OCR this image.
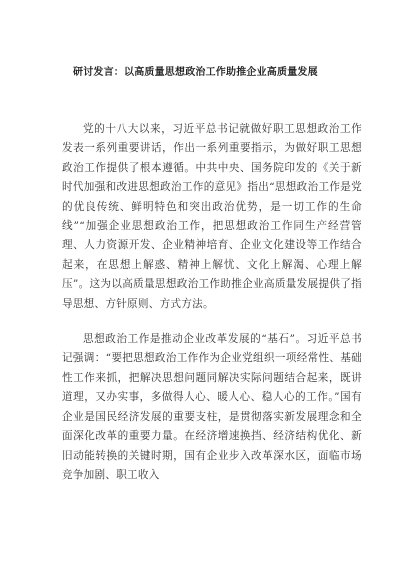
研讨发言：以高质量思想政治工作助推企业高质量发展

党的十八大以来，习近平总书记就做好职工思想政治工作发表一系列重要讲话，作出一系列重要指示，为做好职工思想政治工作提供了根本遵循。中共中央、国务院印发的《关于新时代加强和改进思想政治工作的意见》指出“思想政治工作是党的优良传统、鲜明特色和突出政治优势，是一切工作的生命线”“加强企业思想政治工作，把思想政治工作同生产经营管理、人力资源开发、企业精神培育、企业文化建设等工作结合起来，在思想上解惑、精神上解忧、文化上解渴、心理上解压”。这为以高质量思想政治工作助推企业高质量发展提供了指导思想、方针原则、方式方法。

思想政治工作是推动企业改革发展的“基石”。习近平总书记强调：“要把思想政治工作作为企业党组织一项经常性、基础性工作来抓，把解决思想问题同解决实际问题结合起来，既讲道理，又办实事，多做得人心、暖人心、稳人心的工作。”国有企业是国民经济发展的重要支柱，是贯彻落实新发展理念和全面深化改革的重要力量。在经济增速换挡、经济结构优化、新旧动能转换的关键时期，国有企业步入改革深水区，面临市场竞争加剧、职工收入
